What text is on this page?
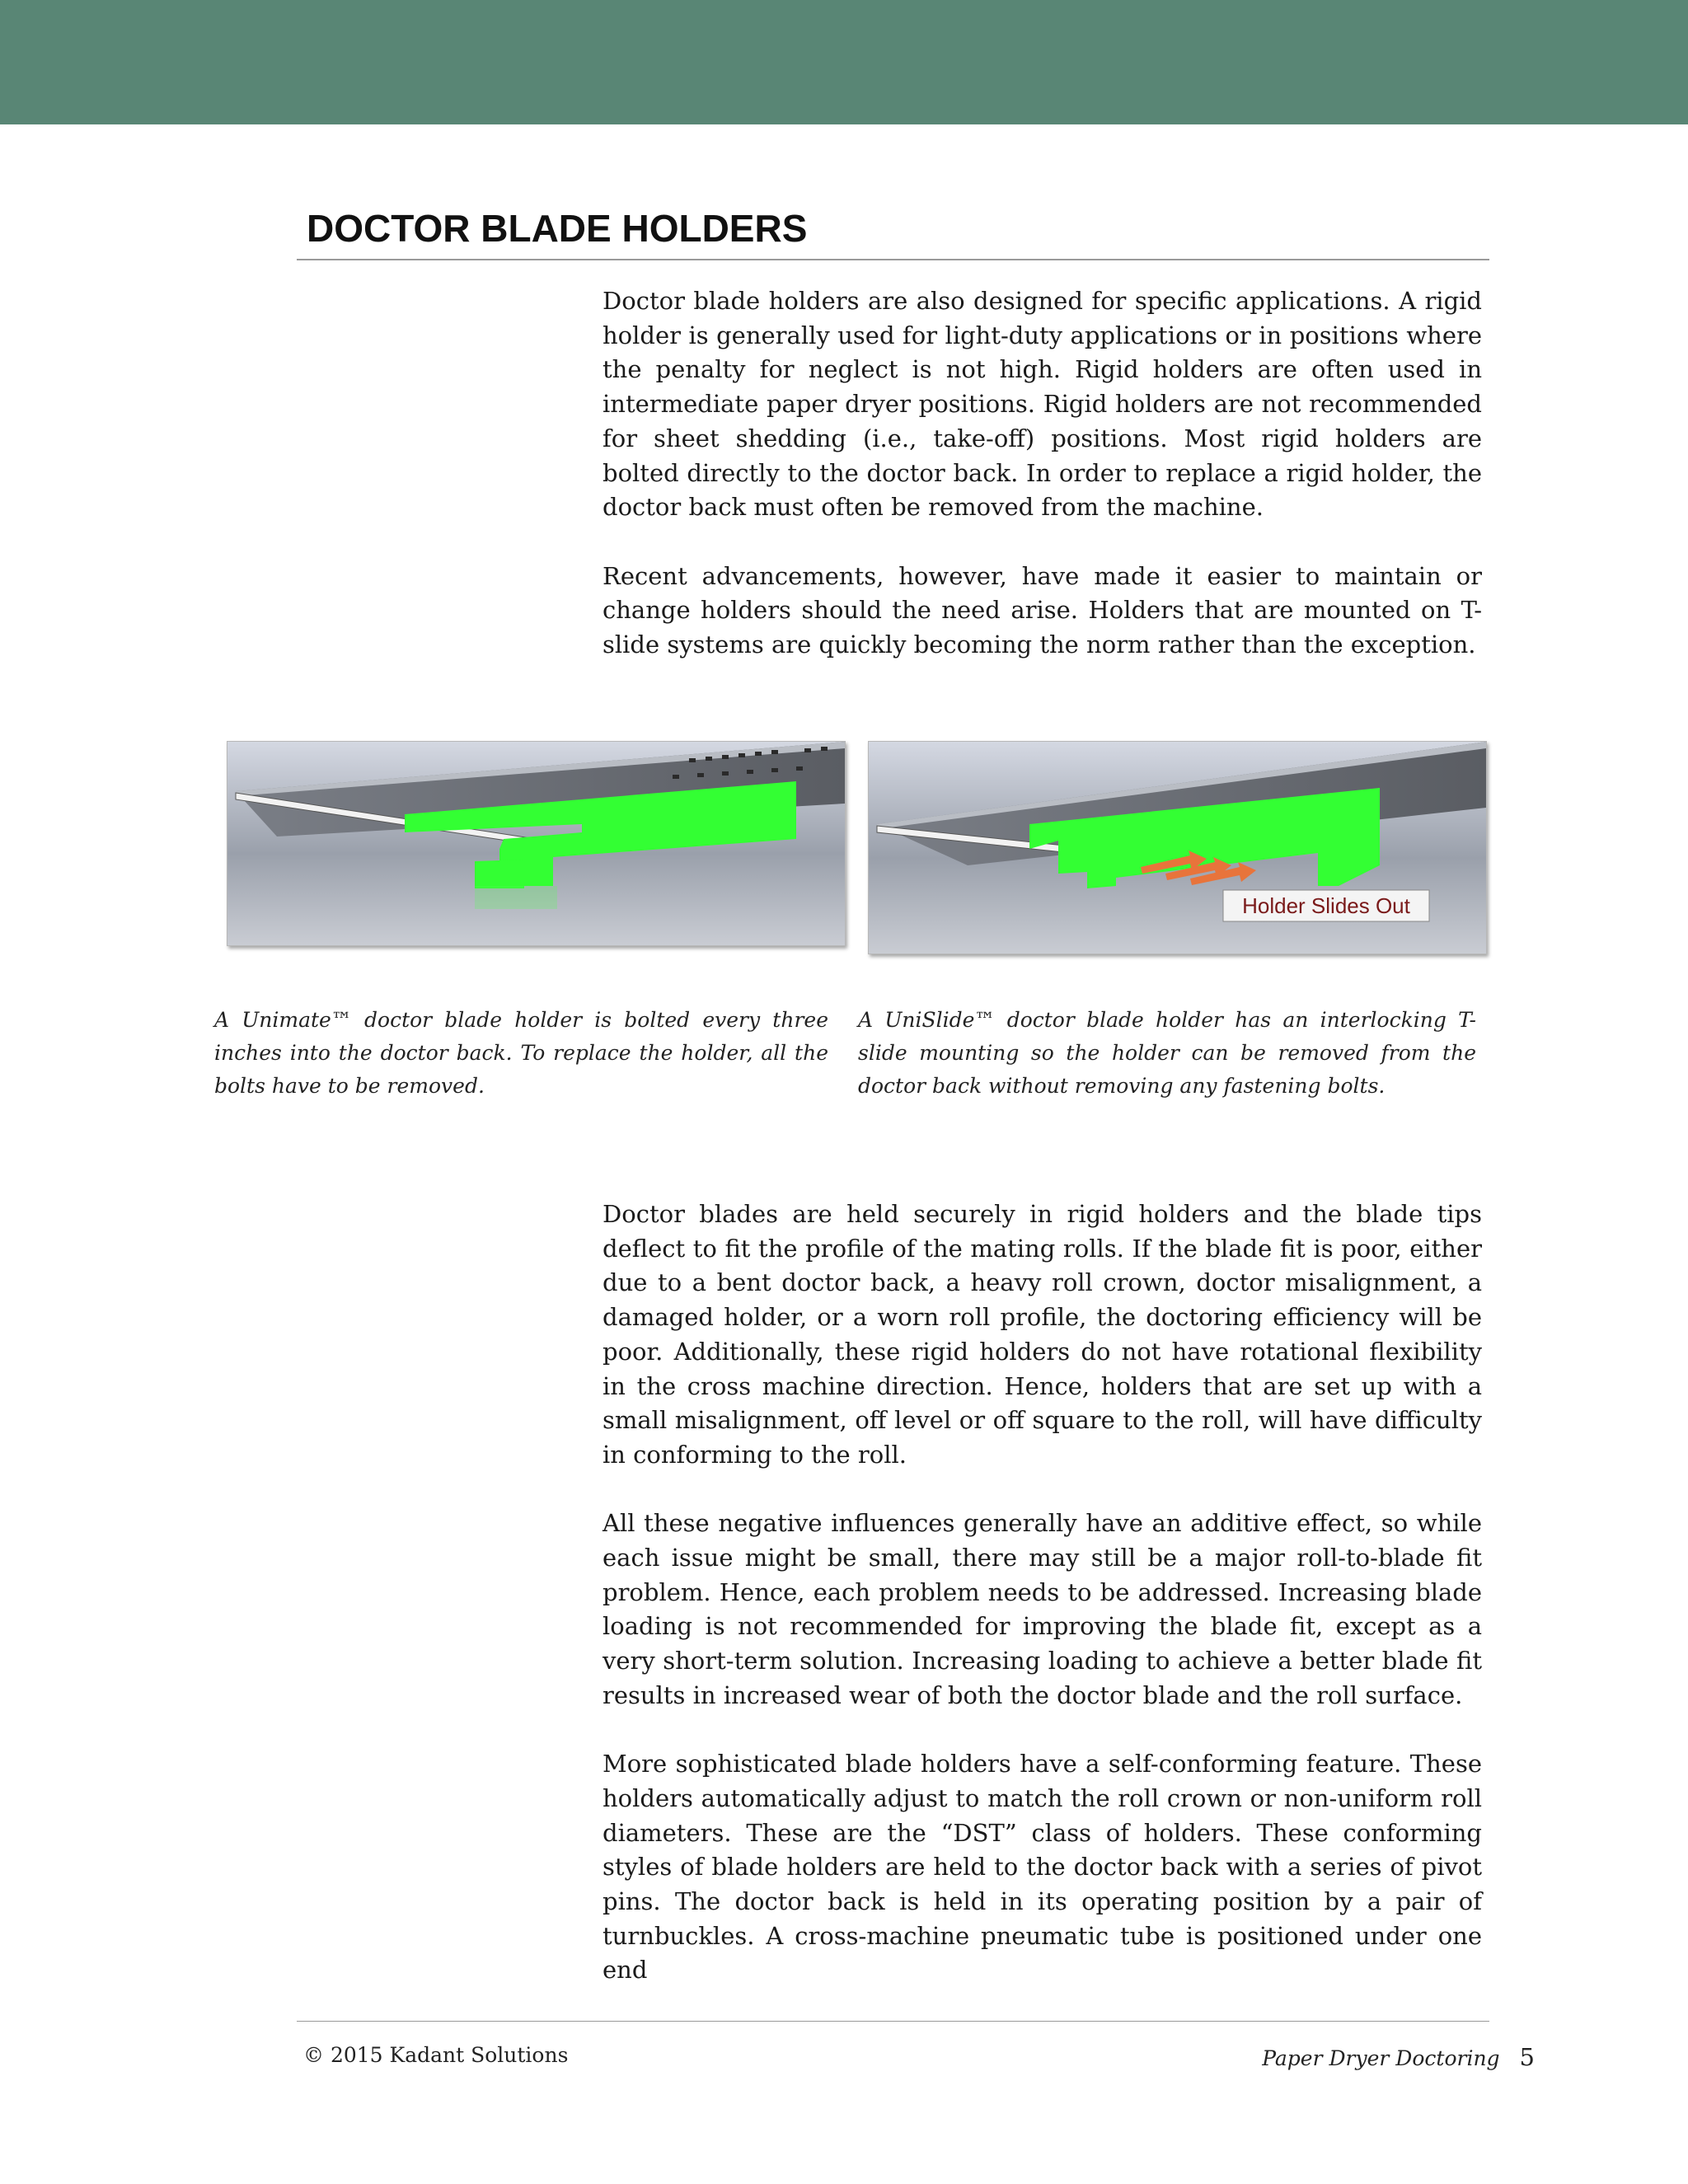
DOCTOR BLADE HOLDERS

Doctor blade holders are also designed for specific applications. A rigid holder is generally used for light-duty applications or in positions where the penalty for neglect is not high. Rigid holders are often used in intermediate paper dryer positions. Rigid holders are not recommended for sheet shedding (i.e., take-off) positions. Most rigid holders are bolted directly to the doctor back. In order to replace a rigid holder, the doctor back must often be removed from the machine.

Recent advancements, however, have made it easier to maintain or change holders should the need arise. Holders that are mounted on T-slide systems are quickly becoming the norm rather than the exception.

Holder Slides Out
A Unimate™ doctor blade holder is bolted every three inches into the doctor back. To replace the holder, all the bolts have to be removed.
A UniSlide™ doctor blade holder has an interlocking T-slide mounting so the holder can be removed from the doctor back without removing any fastening bolts.

Doctor blades are held securely in rigid holders and the blade tips deflect to fit the profile of the mating rolls. If the blade fit is poor, either due to a bent doctor back, a heavy roll crown, doctor misalignment, a damaged holder, or a worn roll profile, the doctoring efficiency will be poor. Additionally, these rigid holders do not have rotational flexibility in the cross machine direction. Hence, holders that are set up with a small misalignment, off level or off square to the roll, will have difficulty in conforming to the roll.

All these negative influences generally have an additive effect, so while each issue might be small, there may still be a major roll-to-blade fit problem. Hence, each problem needs to be addressed. Increasing blade loading is not recommended for improving the blade fit, except as a very short-term solution. Increasing loading to achieve a better blade fit results in increased wear of both the doctor blade and the roll surface.

More sophisticated blade holders have a self-conforming feature. These holders automatically adjust to match the roll crown or non-uniform roll diameters. These are the “DST” class of holders. These conforming styles of blade holders are held to the doctor back with a series of pivot pins. The doctor back is held in its operating position by a pair of turnbuckles. A cross-machine pneumatic tube is positioned under one end

© 2015 Kadant Solutions	Paper Dryer Doctoring 5
